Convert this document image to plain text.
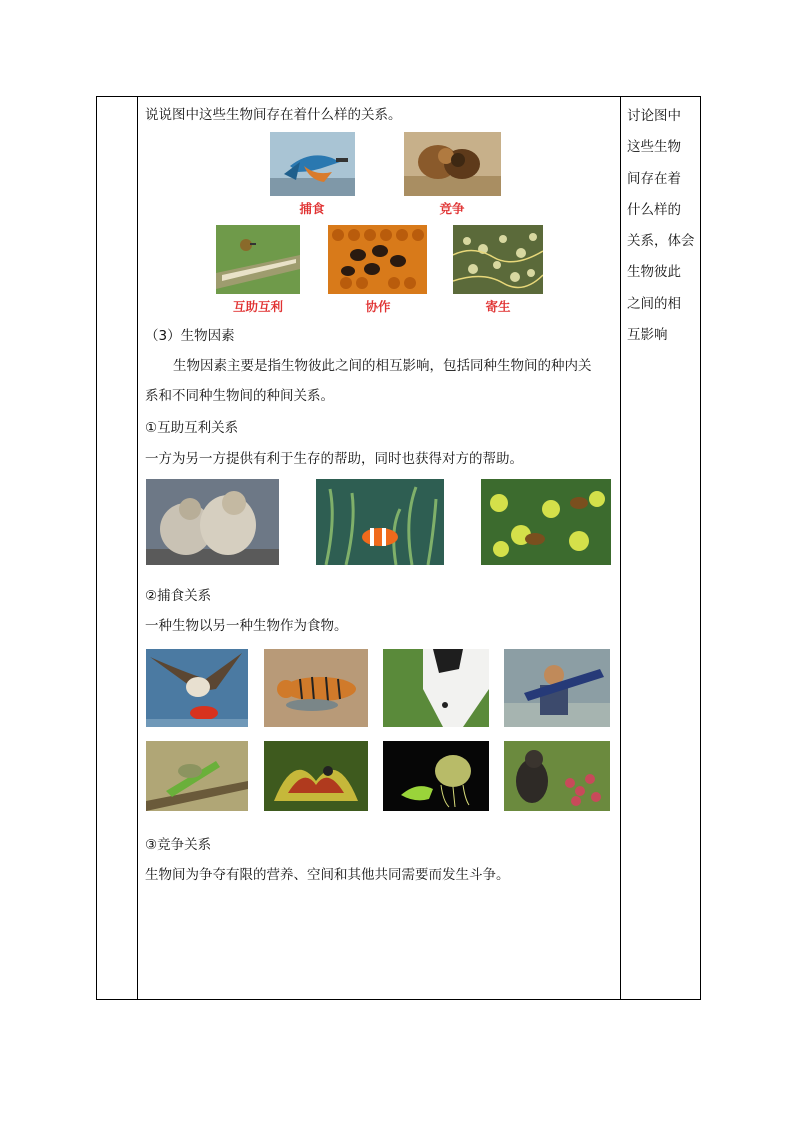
说说图中这些生物间存在着什么样的关系。
捕食	竞争
互助互利	协作	寄生
（3）生物因素
生物因素主要是指生物彼此之间的相互影响，包括同种生物间的种内关
系和不同种生物间的种间关系。
①互助互利关系
一方为另一方提供有利于生存的帮助，同时也获得对方的帮助。
②捕食关系
一种生物以另一种生物作为食物。
③竞争关系
生物间为争夺有限的营养、空间和其他共同需要而发生斗争。
讨论图中
这些生物
间存在着
什么样的
关系，体会
生物彼此
之间的相
互影响
